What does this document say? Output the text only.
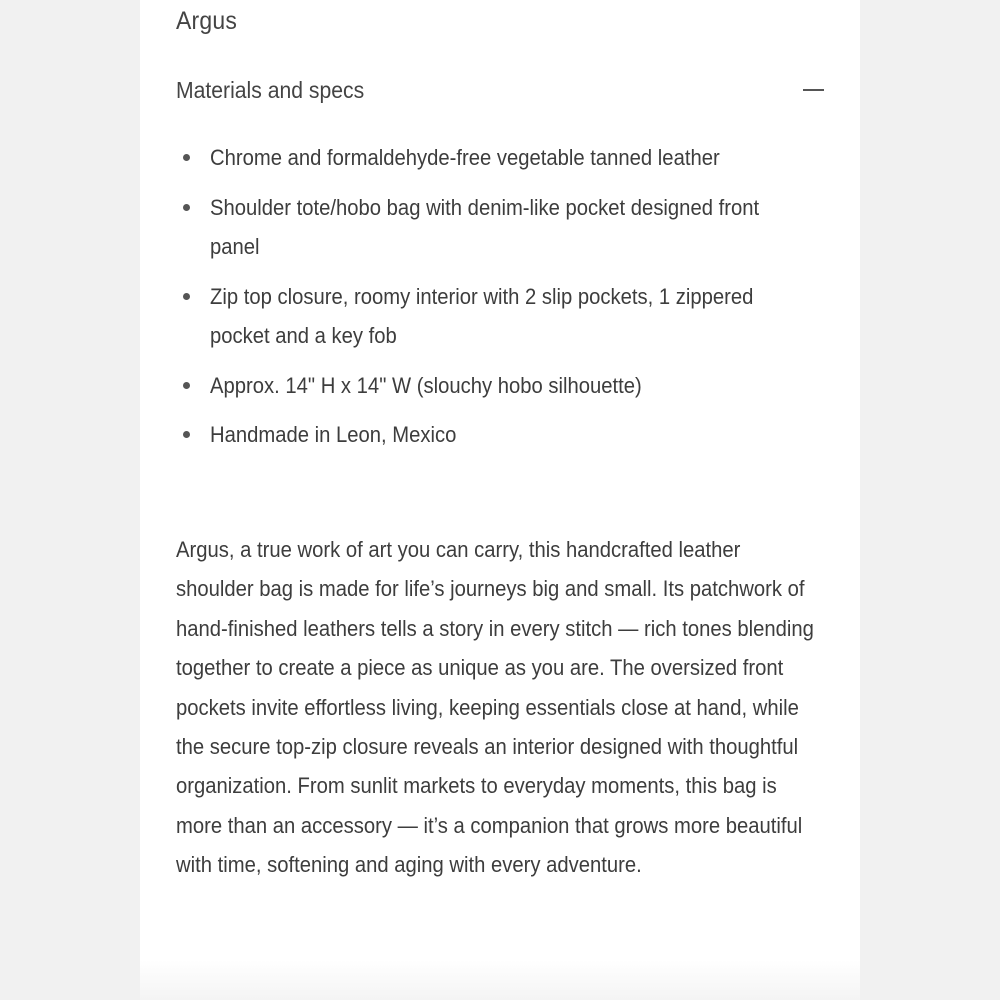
Argus
Materials and specs
Chrome and formaldehyde-free vegetable tanned leather
Shoulder tote/hobo bag with denim-like pocket designed front panel
Zip top closure, roomy interior with 2 slip pockets, 1 zippered pocket and a key fob
Approx. 14" H x 14" W (slouchy hobo silhouette)
Handmade in Leon, Mexico

Argus, a true work of art you can carry, this handcrafted leather shoulder bag is made for life’s journeys big and small. Its patchwork of hand-finished leathers tells a story in every stitch — rich tones blending together to create a piece as unique as you are. The oversized front pockets invite effortless living, keeping essentials close at hand, while the secure top-zip closure reveals an interior designed with thoughtful organization. From sunlit markets to everyday moments, this bag is more than an accessory — it’s a companion that grows more beautiful with time, softening and aging with every adventure.
